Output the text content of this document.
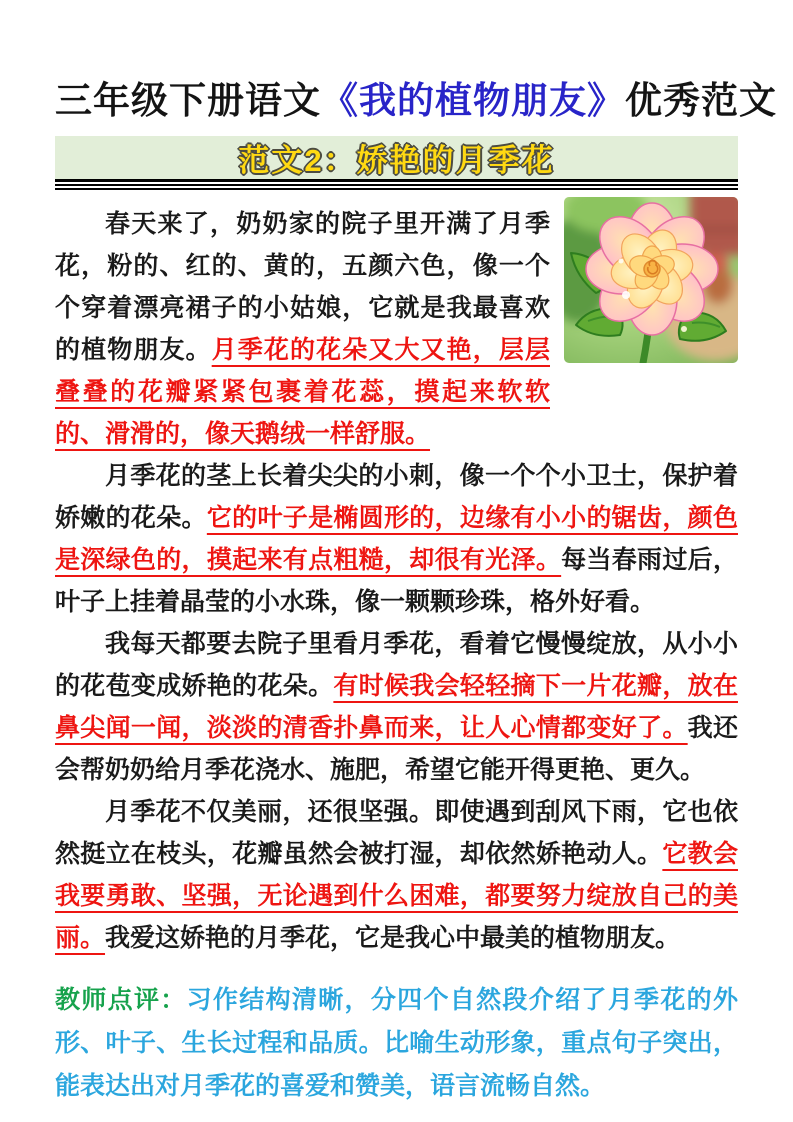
三年级下册语文《我的植物朋友》优秀范文
范文2：娇艳的月季花

春天来了，奶奶家的院子里开满了月季花，粉的、红的、黄的，五颜六色，像一个个穿着漂亮裙子的小姑娘，它就是我最喜欢的植物朋友。月季花的花朵又大又艳，层层叠叠的花瓣紧紧包裹着花蕊，摸起来软软的、滑滑的，像天鹅绒一样舒服。

月季花的茎上长着尖尖的小刺，像一个个小卫士，保护着娇嫩的花朵。它的叶子是椭圆形的，边缘有小小的锯齿，颜色是深绿色的，摸起来有点粗糙，却很有光泽。每当春雨过后，叶子上挂着晶莹的小水珠，像一颗颗珍珠，格外好看。

我每天都要去院子里看月季花，看着它慢慢绽放，从小小的花苞变成娇艳的花朵。有时候我会轻轻摘下一片花瓣，放在鼻尖闻一闻，淡淡的清香扑鼻而来，让人心情都变好了。我还会帮奶奶给月季花浇水、施肥，希望它能开得更艳、更久。

月季花不仅美丽，还很坚强。即使遇到刮风下雨，它也依然挺立在枝头，花瓣虽然会被打湿，却依然娇艳动人。它教会我要勇敢、坚强，无论遇到什么困难，都要努力绽放自己的美丽。我爱这娇艳的月季花，它是我心中最美的植物朋友。

教师点评：习作结构清晰，分四个自然段介绍了月季花的外形、叶子、生长过程和品质。比喻生动形象，重点句子突出，能表达出对月季花的喜爱和赞美，语言流畅自然。
